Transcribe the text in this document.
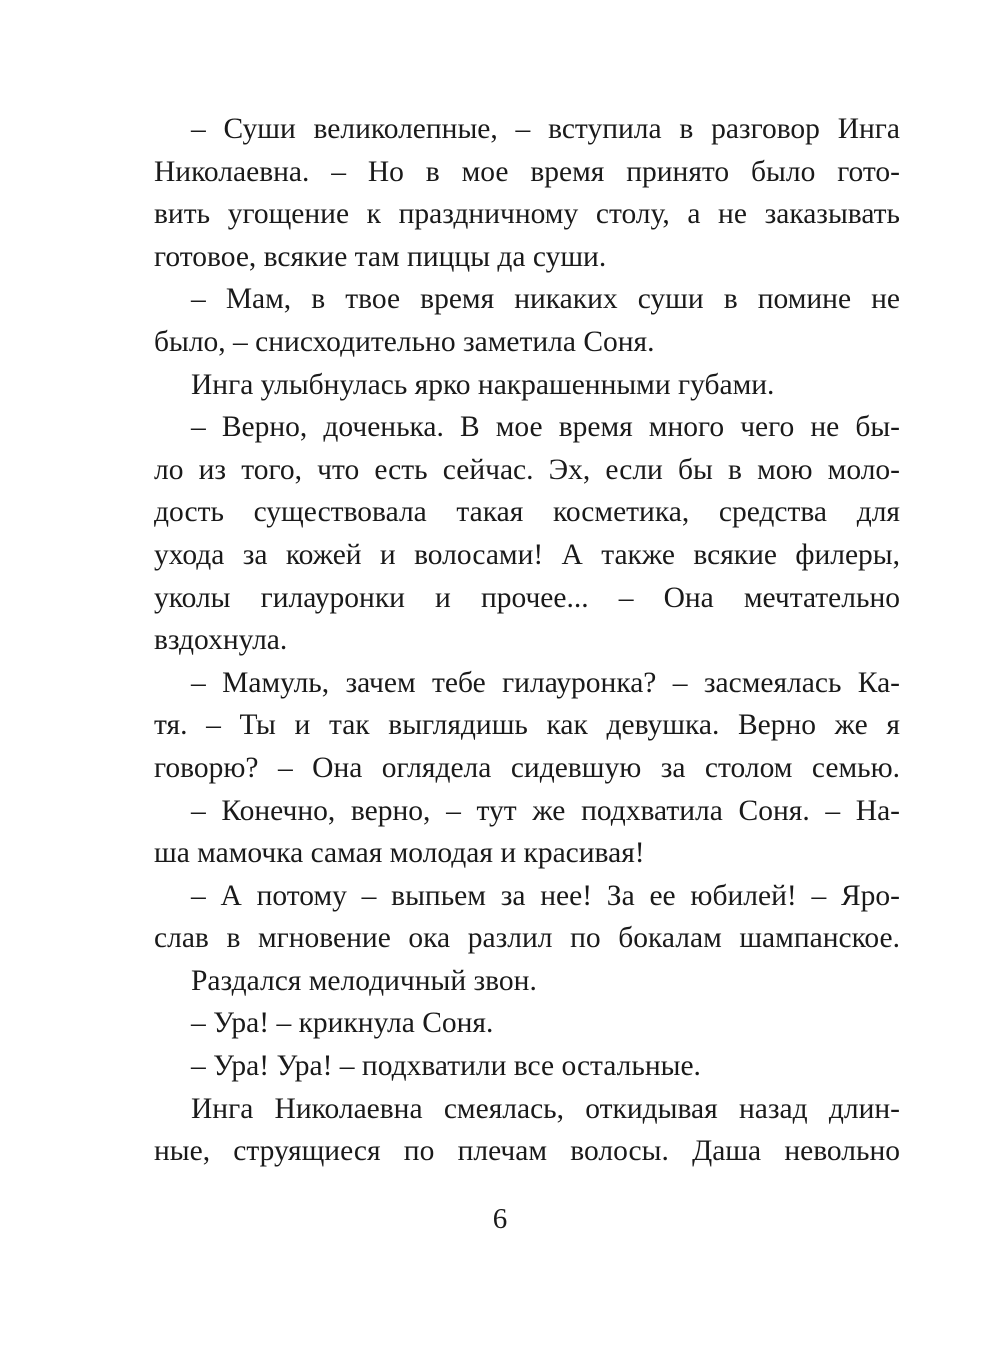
– Суши великолепные, – вступила в разговор Инга
Николаевна. – Но в мое время принято было гото-
вить угощение к праздничному столу, а не заказывать
готовое, всякие там пиццы да суши.
– Мам, в твое время никаких суши в помине не
было, – снисходительно заметила Соня.
Инга улыбнулась ярко накрашенными губами.
– Верно, доченька. В мое время много чего не бы-
ло из того, что есть сейчас. Эх, если бы в мою моло-
дость существовала такая косметика, средства для
ухода за кожей и волосами! А также всякие филеры,
уколы гилауронки и прочее... – Она мечтательно
вздохнула.
– Мамуль, зачем тебе гилауронка? – засмеялась Ка-
тя. – Ты и так выглядишь как девушка. Верно же я
говорю? – Она оглядела сидевшую за столом семью.
– Конечно, верно, – тут же подхватила Соня. – На-
ша мамочка самая молодая и красивая!
– А потому – выпьем за нее! За ее юбилей! – Яро-
слав в мгновение ока разлил по бокалам шампанское.
Раздался мелодичный звон.
– Ура! – крикнула Соня.
– Ура! Ура! – подхватили все остальные.
Инга Николаевна смеялась, откидывая назад длин-
ные, струящиеся по плечам волосы. Даша невольно
6
